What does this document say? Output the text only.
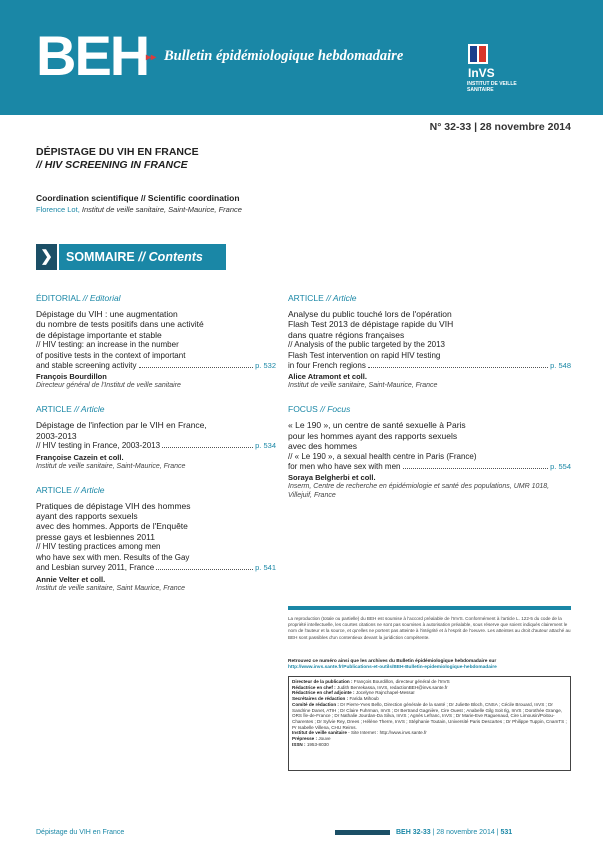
BEH
▸▸ Bulletin épidémiologique hebdomadaire
InVS
INSTITUT DE VEILLE SANITAIRE
N° 32-33 | 28 novembre 2014
DÉPISTAGE DU VIH EN FRANCE
// HIV SCREENING IN FRANCE
Coordination scientifique // Scientific coordination
Florence Lot, Institut de veille sanitaire, Saint-Maurice, France
❯	SOMMAIRE // Contents
ÉDITORIAL // Editorial
Dépistage du VIH : une augmentation
du nombre de tests positifs dans une activité
de dépistage importante et stable
// HIV testing: an increase in the number
of positive tests in the context of important
and stable screening activity	p. 532
François Bourdillon
Directeur général de l'Institut de veille sanitaire
ARTICLE // Article
Dépistage de l'infection par le VIH en France,
2003-2013
// HIV testing in France, 2003-2013	p. 534
Françoise Cazein et coll.
Institut de veille sanitaire, Saint-Maurice, France
ARTICLE // Article
Pratiques de dépistage VIH des hommes
ayant des rapports sexuels
avec des hommes. Apports de l'Enquête
presse gays et lesbiennes 2011
// HIV testing practices among men
who have sex with men. Results of the Gay
and Lesbian survey 2011, France	p. 541
Annie Velter et coll.
Institut de veille sanitaire, Saint Maurice, France
ARTICLE // Article
Analyse du public touché lors de l'opération
Flash Test 2013 de dépistage rapide du VIH
dans quatre régions françaises
// Analysis of the public targeted by the 2013
Flash Test intervention on rapid HIV testing
in four French regions	p. 548
Alice Atramont et coll.
Institut de veille sanitaire, Saint-Maurice, France
FOCUS // Focus
« Le 190 », un centre de santé sexuelle à Paris
pour les hommes ayant des rapports sexuels
avec des hommes
// « Le 190 », a sexual health centre in Paris (France)
for men who have sex with men	p. 554
Soraya Belgherbi et coll.
Inserm, Centre de recherche en épidémiologie et santé des populations, UMR 1018, Villejuif, France
La reproduction (totale ou partielle) du BEH est soumise à l'accord préalable de l'InVS. Conformément à l'article L. 122-5 du code de la propriété intellectuelle, les courtes citations ne sont pas soumises à autorisation préalable, sous réserve que soient indiqués clairement le nom de l'auteur et la source, et qu'elles ne portent pas atteinte à l'intégrité et à l'esprit de l'oeuvre. Les atteintes au droit d'auteur attaché au BEH sont passibles d'un contentieux devant la juridiction compétente.
Retrouvez ce numéro ainsi que les archives du Bulletin épidémiologique hebdomadaire sur http://www.invs.sante.fr/Publications-et-outils/BEH-Bulletin-epidemiologique-hebdomadaire
Directeur de la publication : François Bourdillon, directeur général de l'InVS
Rédactrice en chef : Judith Benrekassa, InVS, redactionBEH@invs.sante.fr
Rédactrice en chef adjointe : Jocelyne Rajnchapel-Messaï
Secrétaires de rédaction : Farida Mihoub
Comité de rédaction : Dr Pierre-Yves Bello, Direction générale de la santé ; Dr Juliette Bloch, CNSA ; Cécile Brouard, InVS ; Dr Sandrine Danet, ATIH ; Dr Claire Fuhrman, InVS ; Dr Bertrand Gagnière, Cire Ouest ; Anabelle Gilg Soit Ilg, InVS ; Dorothée Grange, ORS Île-de-France ; Dr Nathalie Jourdan-Da Silva, InVS ; Agnès Lefranc, InVS ; Dr Marie-Eve Raguenaud, Cire Limousin/Poitou-Charentes ; Dr Sylvie Rey, Drees ; Hélène Therre, InVS ; Stéphanie Toutain, Université Paris Descartes ; Dr Philippe Tuppin, CnamTS ; Pr Isabelle Villena, CHU Reims.
Institut de veille sanitaire - Site Internet : http://www.invs.sante.fr
Prépresse : Jouve
ISSN : 1953-8030
Dépistage du VIH en France	BEH 32-33 | 28 novembre 2014 | 531
